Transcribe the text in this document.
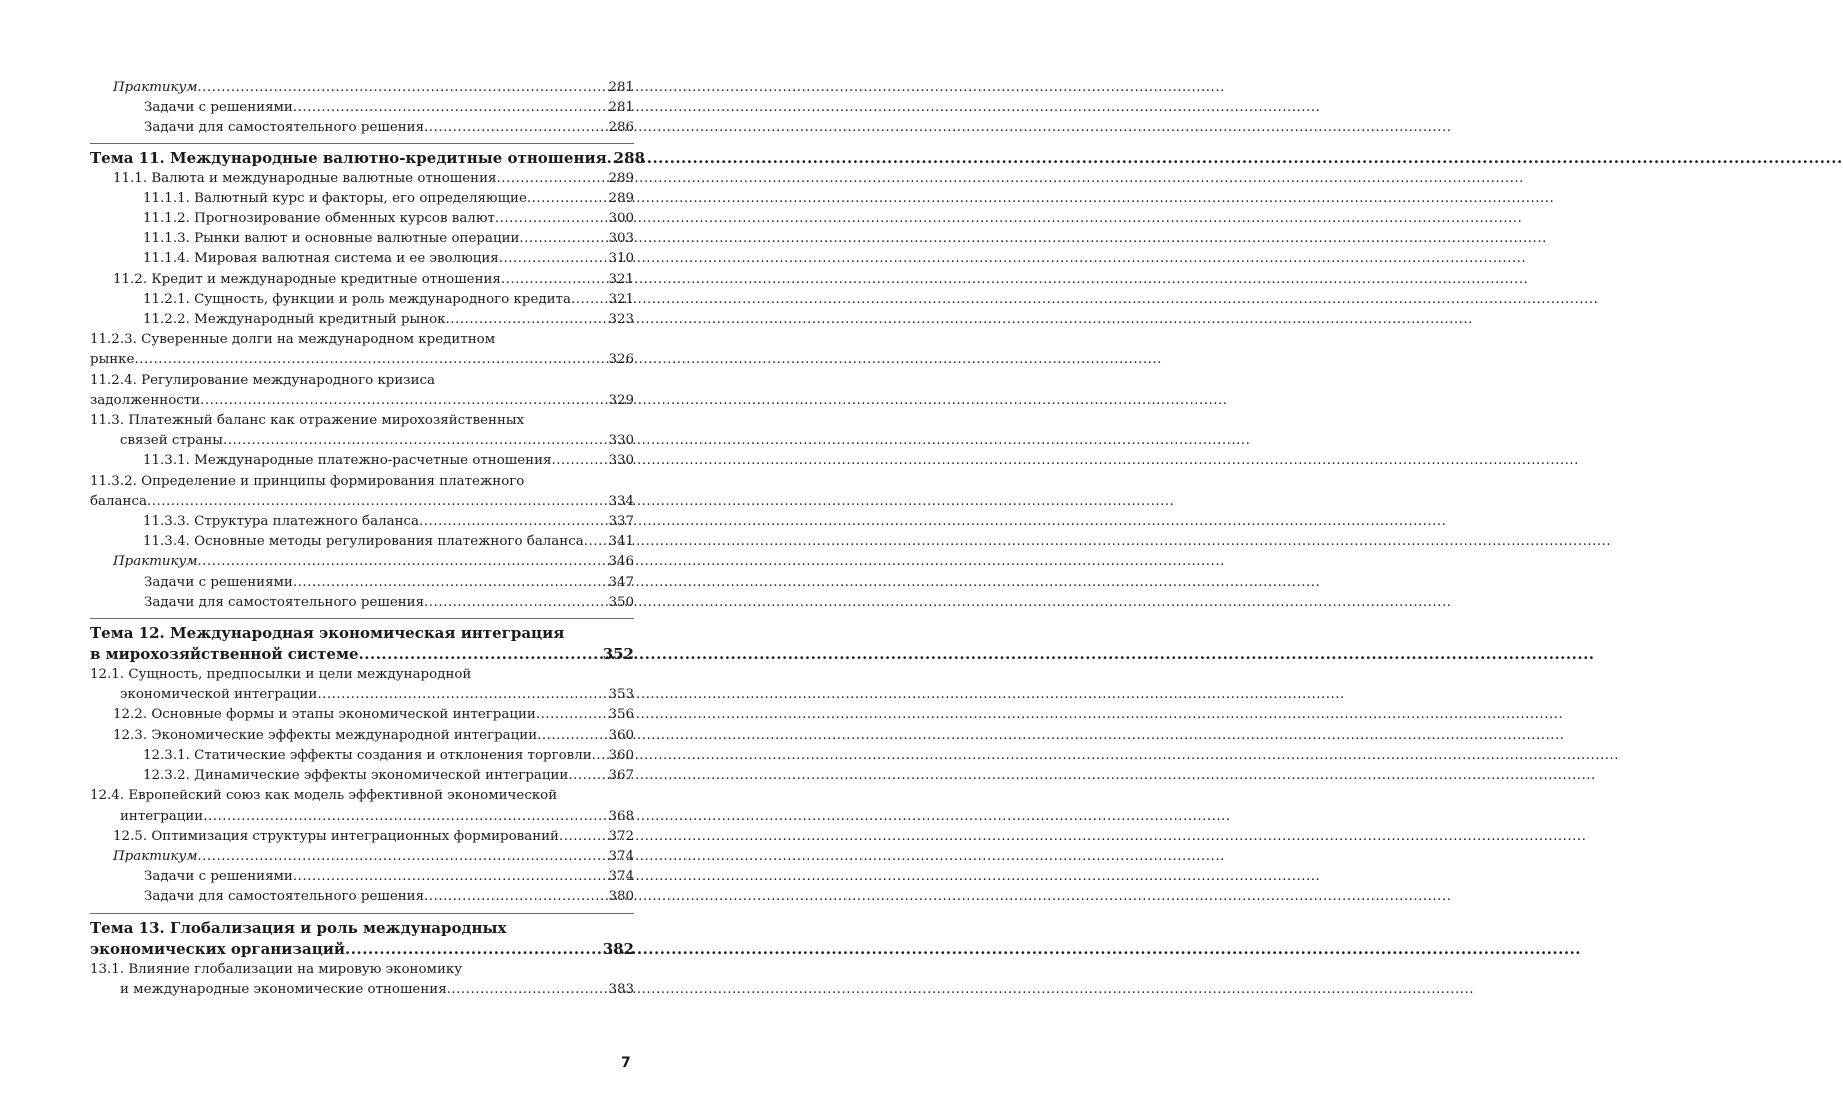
Практикум .....	281
Задачи с решениями .....	281
Задачи для самостоятельного решения .....	286
Тема 11. Международные валютно-кредитные отношения ..... 288
11.1. Валюта и международные валютные отношения .....	289
11.1.1. Валютный курс и факторы, его определяющие .....	289
11.1.2. Прогнозирование обменных курсов валют .....	300
11.1.3. Рынки валют и основные валютные операции .....	303
11.1.4. Мировая валютная система и ее эволюция .....	310
11.2. Кредит и международные кредитные отношения .....	321
11.2.1. Сущность, функции и роль международного кредита .....	321
11.2.2. Международный кредитный рынок .....	323
11.2.3. Суверенные долги на международном кредитном
рынке .....	326
11.2.4. Регулирование международного кризиса
задолженности .....	329
11.3. Платежный баланс как отражение мирохозяйственных
связей страны .....	330
11.3.1. Международные платежно-расчетные отношения .....	330
11.3.2. Определение и принципы формирования платежного
баланса .....	334
11.3.3. Структура платежного баланса .....	337
11.3.4. Основные методы регулирования платежного баланса ..... 341
Практикум .....	346
Задачи с решениями .....	347
Задачи для самостоятельного решения .....	350
Тема 12. Международная экономическая интеграция
в мирохозяйственной системе .....	352
12.1. Сущность, предпосылки и цели международной
экономической интеграции .....	353
12.2. Основные формы и этапы экономической интеграции .....	356
12.3. Экономические эффекты международной интеграции .....	360
12.3.1. Статические эффекты создания и отклонения торговли ..... 360
12.3.2. Динамические эффекты экономической интеграции .....	367
12.4. Европейский союз как модель эффективной экономической
интеграции .....	368
12.5. Оптимизация структуры интеграционных формирований .....	372
Практикум .....	374
Задачи с решениями .....	374
Задачи для самостоятельного решения .....	380
Тема 13. Глобализация и роль международных
экономических организаций .....	382
13.1. Влияние глобализации на мировую экономику
и международные экономические отношения .....	383
7
